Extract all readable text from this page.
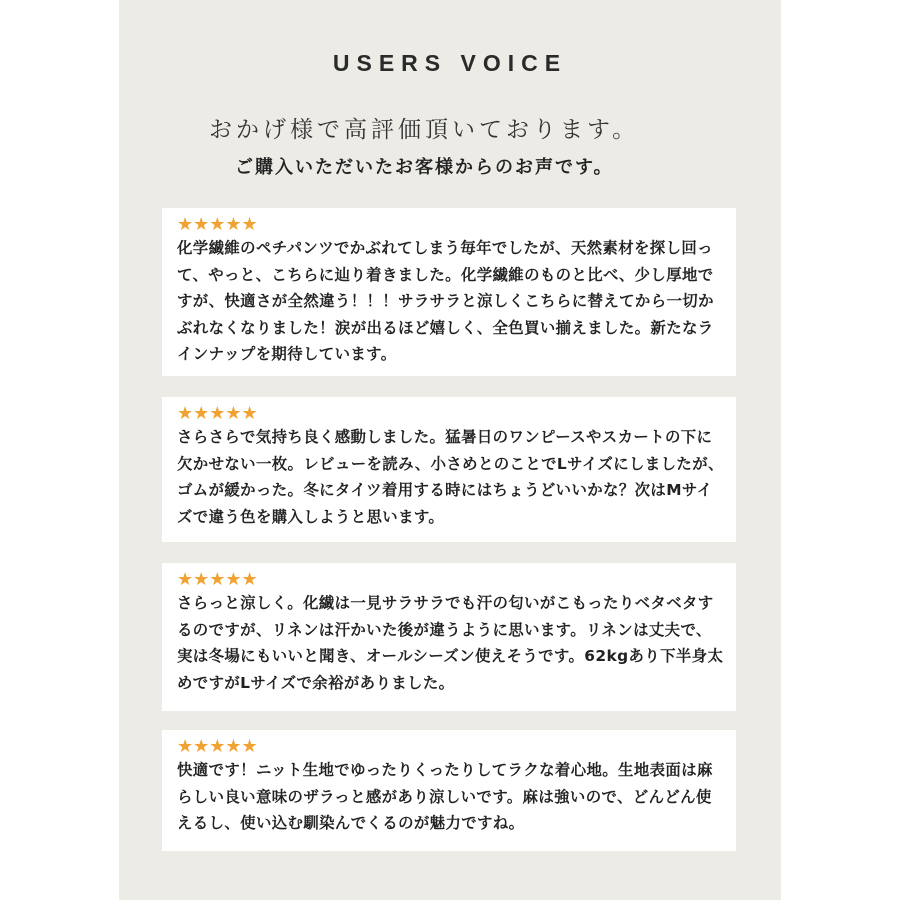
USERS VOICE
おかげ様で高評価頂いております。
ご購入いただいたお客様からのお声です。
★★★★★
化学繊維のペチパンツでかぶれてしまう毎年でしたが、天然素材を探し回って、やっと、こちらに辿り着きました。化学繊維のものと比べ、少し厚地ですが、快適さが全然違う！！！サラサラと涼しくこちらに替えてから一切かぶれなくなりました！涙が出るほど嬉しく、全色買い揃えました。新たなラインナップを期待しています。
★★★★★
さらさらで気持ち良く感動しました。猛暑日のワンピースやスカートの下に欠かせない一枚。レビューを読み、小さめとのことでLサイズにしましたが、ゴムが緩かった。冬にタイツ着用する時にはちょうどいいかな？次はMサイズで違う色を購入しようと思います。
★★★★★
さらっと涼しく。化繊は一見サラサラでも汗の匂いがこもったりベタベタするのですが、リネンは汗かいた後が違うように思います。リネンは丈夫で、実は冬場にもいいと聞き、オールシーズン使えそうです。62kgあり下半身太めですがLサイズで余裕がありました。
★★★★★
快適です！ニット生地でゆったりくったりしてラクな着心地。生地表面は麻らしい良い意味のザラっと感があり涼しいです。麻は強いので、どんどん使えるし、使い込む馴染んでくるのが魅力ですね。
